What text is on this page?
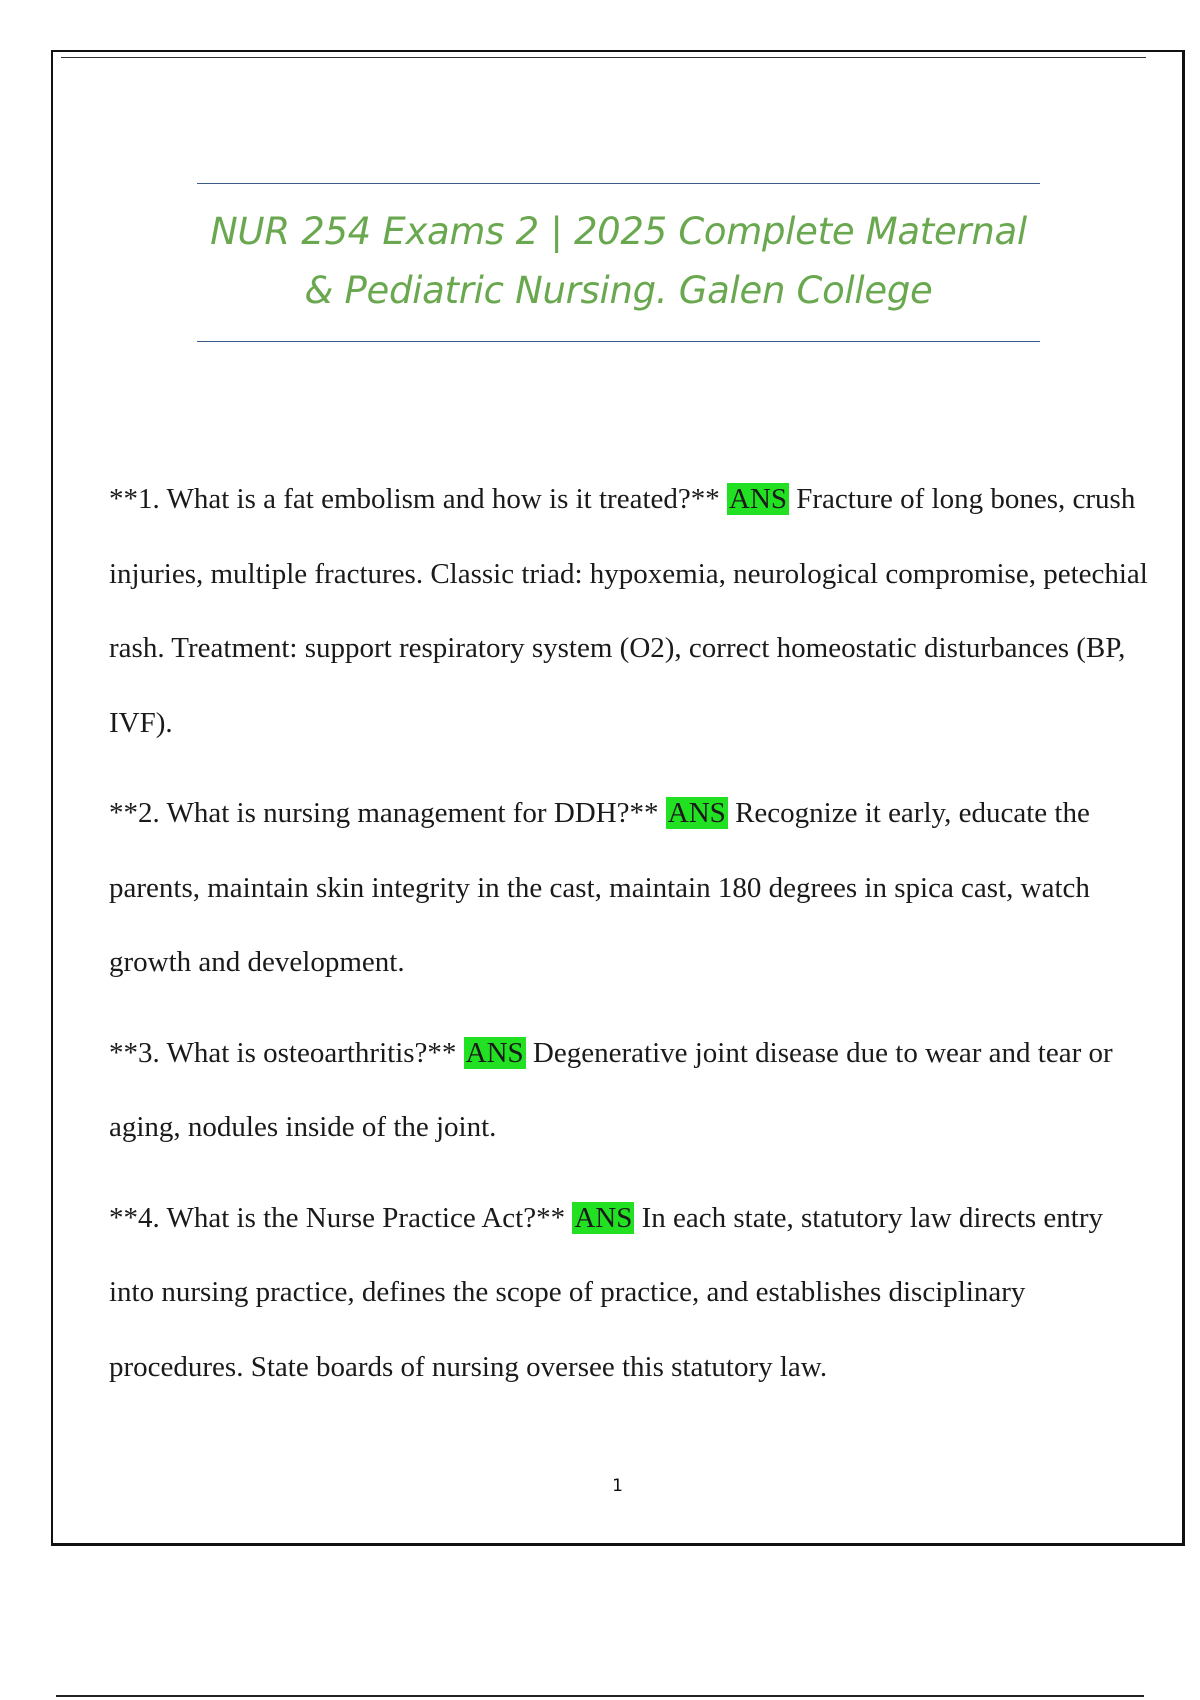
NUR 254 Exams 2 | 2025 Complete Maternal
& Pediatric Nursing. Galen College

**1. What is a fat embolism and how is it treated?** ANS Fracture of long bones, crush injuries, multiple fractures. Classic triad: hypoxemia, neurological compromise, petechial rash. Treatment: support respiratory system (O2), correct homeostatic disturbances (BP, IVF).

**2. What is nursing management for DDH?** ANS Recognize it early, educate the parents, maintain skin integrity in the cast, maintain 180 degrees in spica cast, watch growth and development.

**3. What is osteoarthritis?** ANS Degenerative joint disease due to wear and tear or aging, nodules inside of the joint.

**4. What is the Nurse Practice Act?** ANS In each state, statutory law directs entry into nursing practice, defines the scope of practice, and establishes disciplinary procedures. State boards of nursing oversee this statutory law.

1
